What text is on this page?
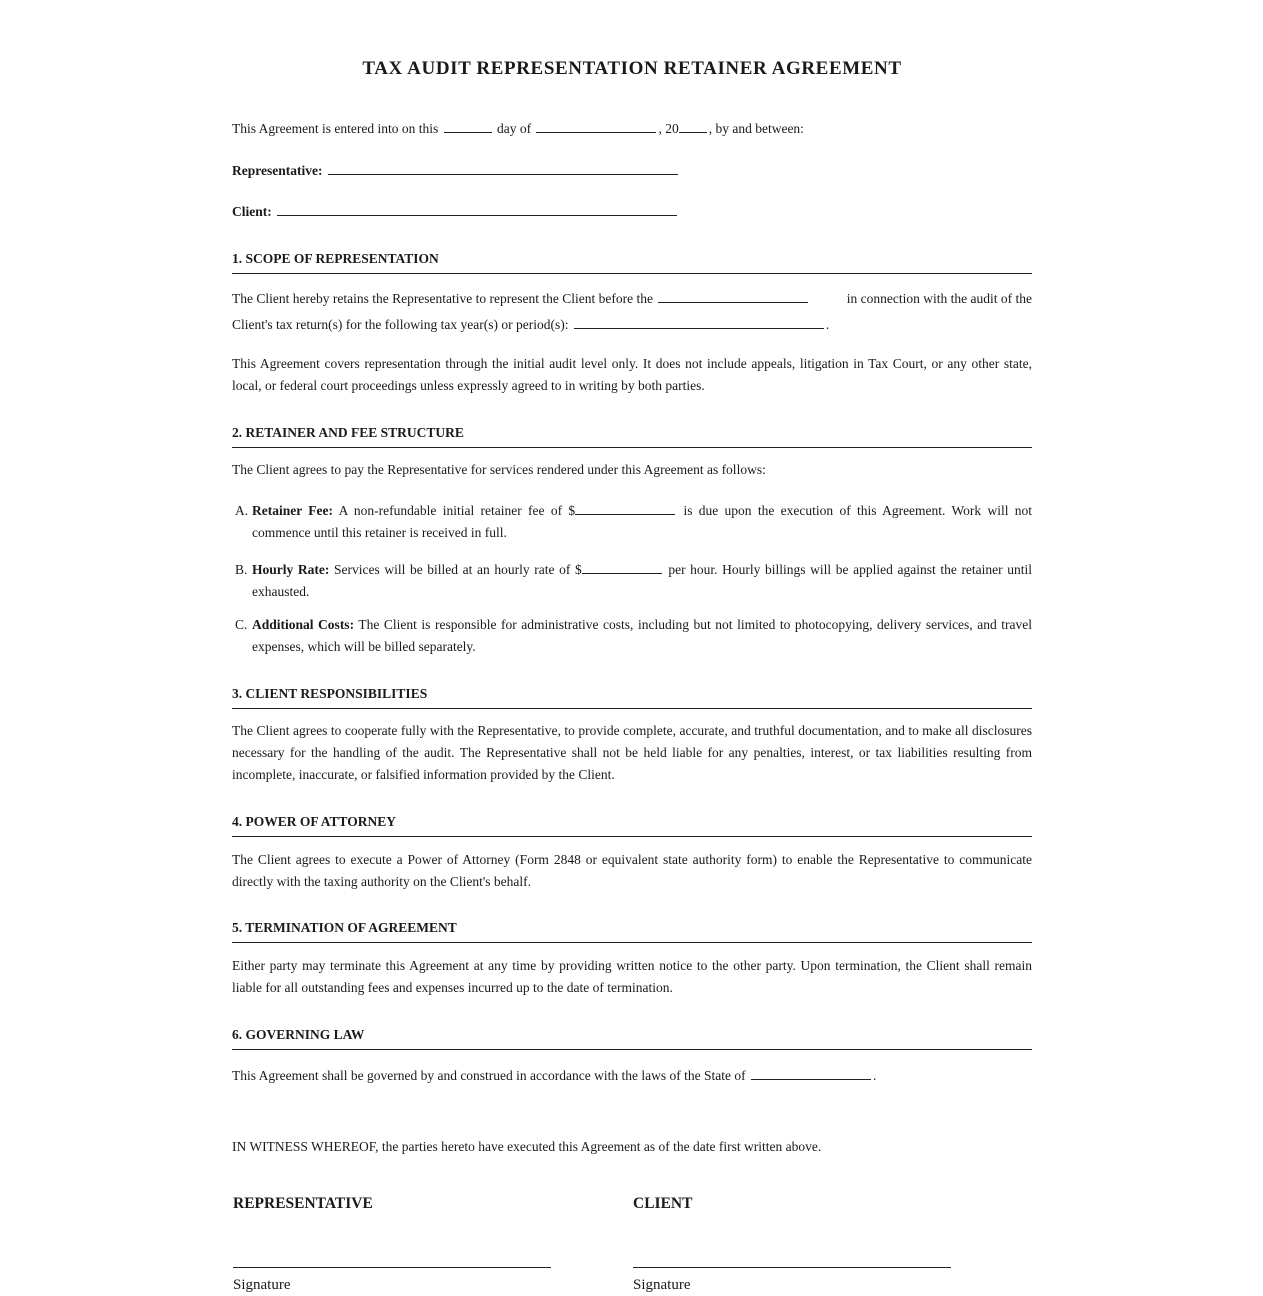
TAX AUDIT REPRESENTATION RETAINER AGREEMENT
This Agreement is entered into on this	day of	, 20 , by and between:
Representative:
Client:
1. SCOPE OF REPRESENTATION
The Client hereby retains the Representative to represent the Client before the	in connection with the audit of the
Client's tax return(s) for the following tax year(s) or period(s):	.
This Agreement covers representation through the initial audit level only. It does not include appeals, litigation in Tax Court, or any other state, local, or federal court proceedings unless expressly agreed to in writing by both parties.
2. RETAINER AND FEE STRUCTURE
The Client agrees to pay the Representative for services rendered under this Agreement as follows:
A. Retainer Fee: A non-refundable initial retainer fee of $	is due upon the execution of this Agreement. Work will not commence until this retainer is received in full.
B. Hourly Rate: Services will be billed at an hourly rate of $	per hour. Hourly billings will be applied against the retainer until exhausted.
C. Additional Costs: The Client is responsible for administrative costs, including but not limited to photocopying, delivery services, and travel expenses, which will be billed separately.
3. CLIENT RESPONSIBILITIES
The Client agrees to cooperate fully with the Representative, to provide complete, accurate, and truthful documentation, and to make all disclosures necessary for the handling of the audit. The Representative shall not be held liable for any penalties, interest, or tax liabilities resulting from incomplete, inaccurate, or falsified information provided by the Client.
4. POWER OF ATTORNEY
The Client agrees to execute a Power of Attorney (Form 2848 or equivalent state authority form) to enable the Representative to communicate directly with the taxing authority on the Client's behalf.
5. TERMINATION OF AGREEMENT
Either party may terminate this Agreement at any time by providing written notice to the other party. Upon termination, the Client shall remain liable for all outstanding fees and expenses incurred up to the date of termination.
6. GOVERNING LAW
This Agreement shall be governed by and construed in accordance with the laws of the State of	.
IN WITNESS WHEREOF, the parties hereto have executed this Agreement as of the date first written above.
REPRESENTATIVE	CLIENT
Signature	Signature
